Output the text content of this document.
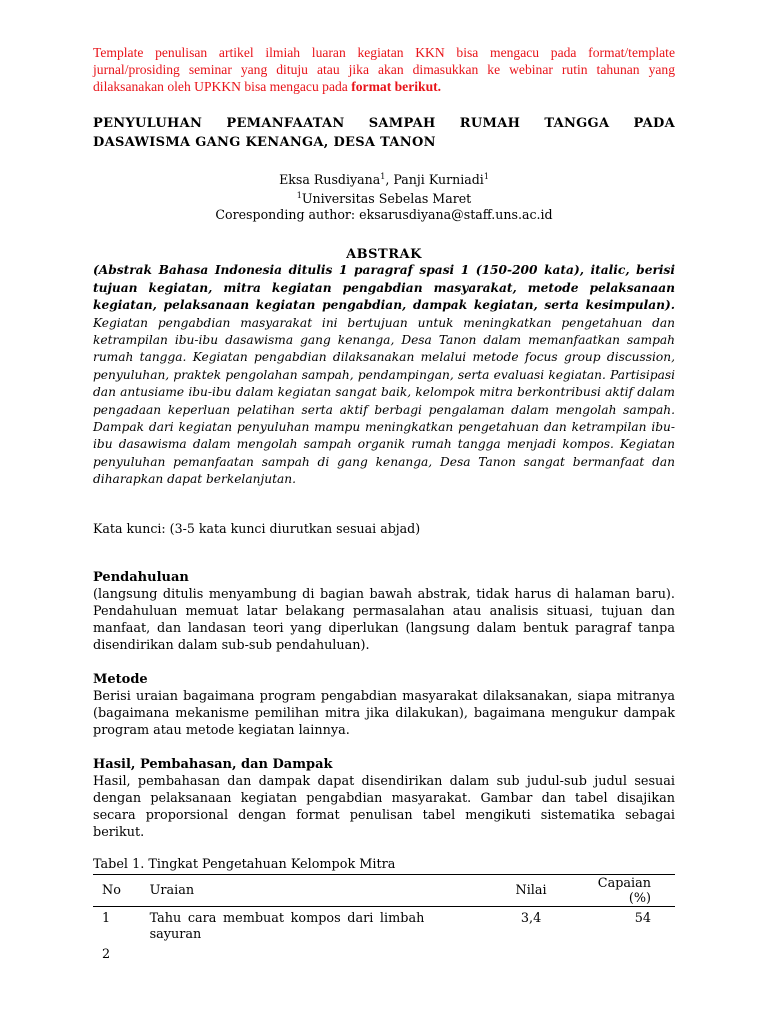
Template penulisan artikel ilmiah luaran kegiatan KKN bisa mengacu pada format/template jurnal/prosiding seminar yang dituju atau jika akan dimasukkan ke webinar rutin tahunan yang dilaksanakan oleh UPKKN bisa mengacu pada format berikut.
PENYULUHAN PEMANFAATAN SAMPAH RUMAH TANGGA PADA DASAWISMA GANG KENANGA, DESA TANON
Eksa Rusdiyana$^1$, Panji Kurniadi$^1$
$^1$Universitas Sebelas Maret
Coresponding author: eksarusdiyana@staff.uns.ac.id
ABSTRAK
(Abstrak Bahasa Indonesia ditulis 1 paragraf spasi 1 (150-200 kata), italic, berisi tujuan kegiatan, mitra kegiatan pengabdian masyarakat, metode pelaksanaan kegiatan, pelaksanaan kegiatan pengabdian, dampak kegiatan, serta kesimpulan). Kegiatan pengabdian masyarakat ini bertujuan untuk meningkatkan pengetahuan dan ketrampilan ibu-ibu dasawisma gang kenanga, Desa Tanon dalam memanfaatkan sampah rumah tangga. Kegiatan pengabdian dilaksanakan melalui metode focus group discussion, penyuluhan, praktek pengolahan sampah, pendampingan, serta evaluasi kegiatan. Partisipasi dan antusiame ibu-ibu dalam kegiatan sangat baik, kelompok mitra berkontribusi aktif dalam pengadaan keperluan pelatihan serta aktif berbagi pengalaman dalam mengolah sampah. Dampak dari kegiatan penyuluhan mampu meningkatkan pengetahuan dan ketrampilan ibu-ibu dasawisma dalam mengolah sampah organik rumah tangga menjadi kompos. Kegiatan penyuluhan pemanfaatan sampah di gang kenanga, Desa Tanon sangat bermanfaat dan diharapkan dapat berkelanjutan.
Kata kunci: (3-5 kata kunci diurutkan sesuai abjad)
Pendahuluan
(langsung ditulis menyambung di bagian bawah abstrak, tidak harus di halaman baru). Pendahuluan memuat latar belakang permasalahan atau analisis situasi, tujuan dan manfaat, dan landasan teori yang diperlukan (langsung dalam bentuk paragraf tanpa disendirikan dalam sub-sub pendahuluan).
Metode
Berisi uraian bagaimana program pengabdian masyarakat dilaksanakan, siapa mitranya (bagaimana mekanisme pemilihan mitra jika dilakukan), bagaimana mengukur dampak program atau metode kegiatan lainnya.
Hasil, Pembahasan, dan Dampak
Hasil, pembahasan dan dampak dapat disendirikan dalam sub judul-sub judul sesuai dengan pelaksanaan kegiatan pengabdian masyarakat. Gambar dan tabel disajikan secara proporsional dengan format penulisan tabel mengikuti sistematika sebagai berikut.
Tabel 1. Tingkat Pengetahuan Kelompok Mitra
No	Uraian	Nilai	Capaian (%)
1	Tahu cara membuat kompos dari limbah sayuran	3,4	54
2			
